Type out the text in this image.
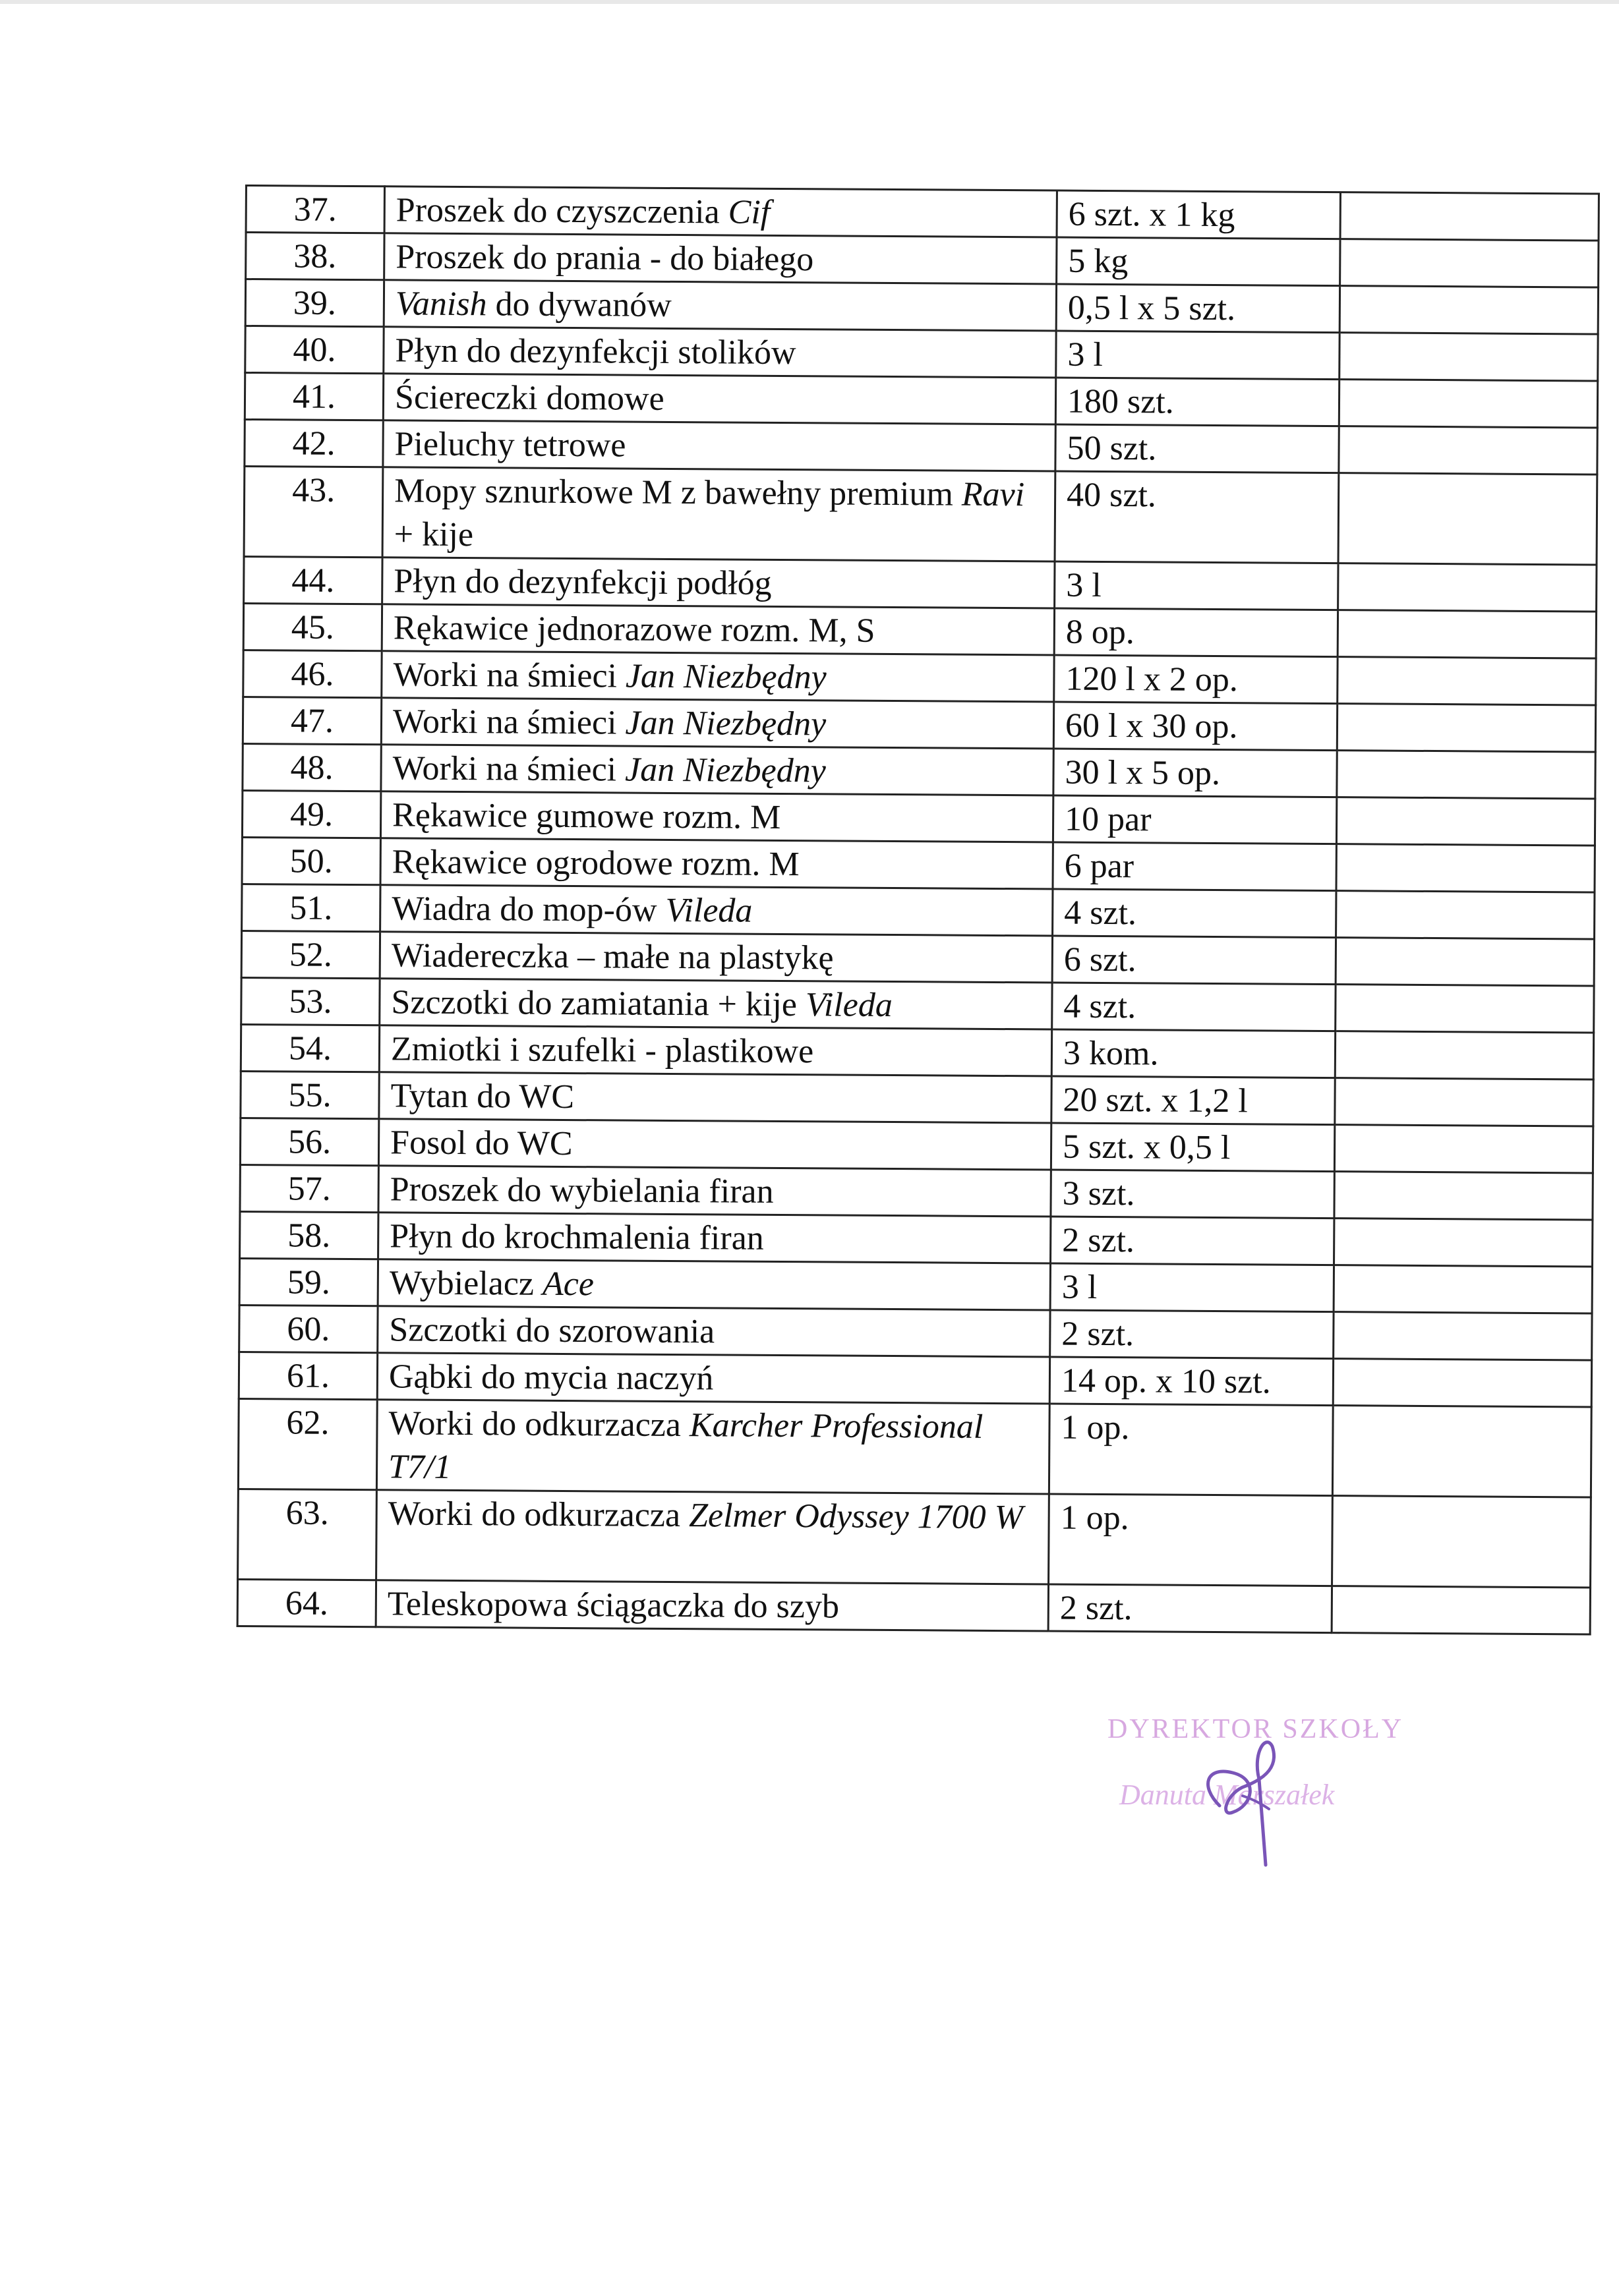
37.	Proszek do czyszczenia Cif	6 szt. x 1 kg	
38.	Proszek do prania - do białego	5 kg	
39.	Vanish do dywanów	0,5 l x 5 szt.	
40.	Płyn do dezynfekcji stolików	3 l	
41.	Ściereczki domowe	180 szt.	
42.	Pieluchy tetrowe	50 szt.	
43.	Mopy sznurkowe M z bawełny premium Ravi + kije	40 szt.	
44.	Płyn do dezynfekcji podłóg	3 l	
45.	Rękawice jednorazowe rozm. M, S	8 op.	
46.	Worki na śmieci Jan Niezbędny	120 l x 2 op.	
47.	Worki na śmieci Jan Niezbędny	60 l x 30 op.	
48.	Worki na śmieci Jan Niezbędny	30 l x 5 op.	
49.	Rękawice gumowe rozm. M	10 par	
50.	Rękawice ogrodowe rozm. M	6 par	
51.	Wiadra do mop-ów Vileda	4 szt.	
52.	Wiadereczka – małe na plastykę	6 szt.	
53.	Szczotki do zamiatania + kije Vileda	4 szt.	
54.	Zmiotki i szufelki - plastikowe	3 kom.	
55.	Tytan do WC	20 szt. x 1,2 l	
56.	Fosol do WC	5 szt. x 0,5 l	
57.	Proszek do wybielania firan	3 szt.	
58.	Płyn do krochmalenia firan	2 szt.	
59.	Wybielacz Ace	3 l	
60.	Szczotki do szorowania	2 szt.	
61.	Gąbki do mycia naczyń	14 op. x 10 szt.	
62.	Worki do odkurzacza Karcher Professional T7/1	1 op.	
63.	Worki do odkurzacza Zelmer Odyssey 1700 W	1 op.	
64.	Teleskopowa ściągaczka do szyb	2 szt.	
DYREKTOR SZKOŁY
Danuta Marszałek
